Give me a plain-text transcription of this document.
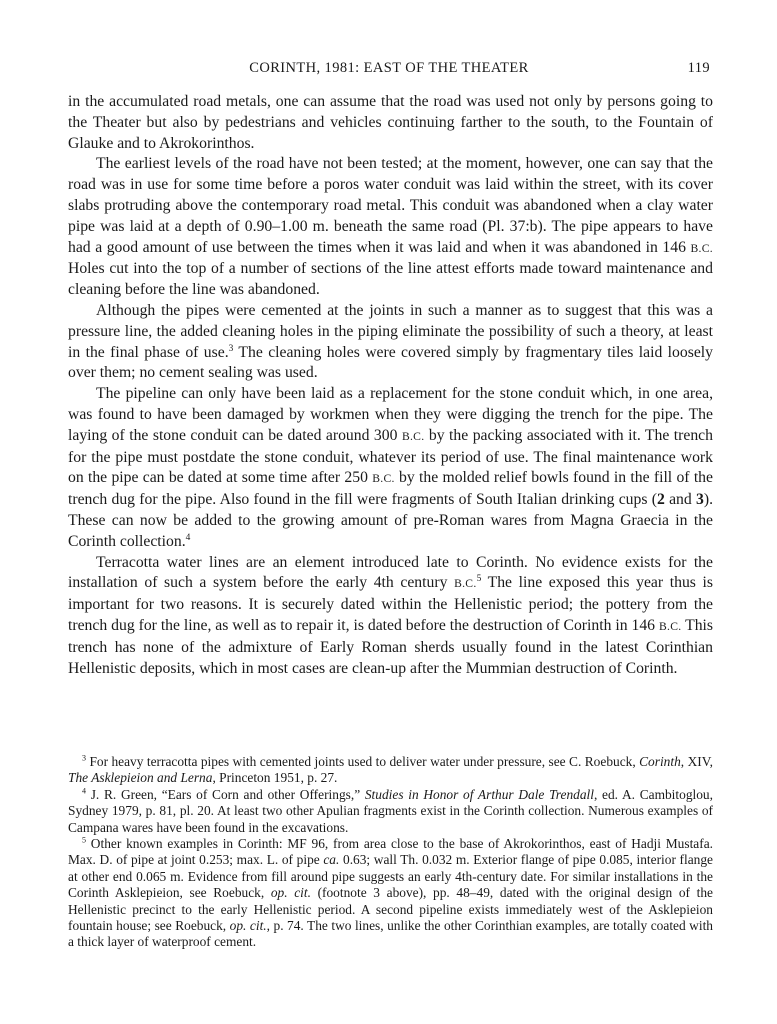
CORINTH, 1981: EAST OF THE THEATER	119

in the accumulated road metals, one can assume that the road was used not only by persons going to the Theater but also by pedestrians and vehicles continuing farther to the south, to the Fountain of Glauke and to Akrokorinthos.

The earliest levels of the road have not been tested; at the moment, however, one can say that the road was in use for some time before a poros water conduit was laid within the street, with its cover slabs protruding above the contemporary road metal. This conduit was abandoned when a clay water pipe was laid at a depth of 0.90–1.00 m. beneath the same road (Pl. 37:b). The pipe appears to have had a good amount of use between the times when it was laid and when it was abandoned in 146 B.C. Holes cut into the top of a number of sections of the line attest efforts made toward maintenance and cleaning before the line was abandoned.

Although the pipes were cemented at the joints in such a manner as to suggest that this was a pressure line, the added cleaning holes in the piping eliminate the possibility of such a theory, at least in the final phase of use.$^3$ The cleaning holes were covered simply by fragmentary tiles laid loosely over them; no cement sealing was used.

The pipeline can only have been laid as a replacement for the stone conduit which, in one area, was found to have been damaged by workmen when they were digging the trench for the pipe. The laying of the stone conduit can be dated around 300 B.C. by the packing associated with it. The trench for the pipe must postdate the stone conduit, whatever its period of use. The final maintenance work on the pipe can be dated at some time after 250 B.C. by the molded relief bowls found in the fill of the trench dug for the pipe. Also found in the fill were fragments of South Italian drinking cups (2 and 3). These can now be added to the growing amount of pre-Roman wares from Magna Graecia in the Corinth collection.$^4$

Terracotta water lines are an element introduced late to Corinth. No evidence exists for the installation of such a system before the early 4th century B.C.$^5$ The line exposed this year thus is important for two reasons. It is securely dated within the Hellenistic period; the pottery from the trench dug for the line, as well as to repair it, is dated before the destruction of Corinth in 146 B.C. This trench has none of the admixture of Early Roman sherds usually found in the latest Corinthian Hellenistic deposits, which in most cases are clean-up after the Mummian destruction of Corinth.

$^3$ For heavy terracotta pipes with cemented joints used to deliver water under pressure, see C. Roebuck, Corinth, XIV, The Asklepieion and Lerna, Princeton 1951, p. 27.

$^4$ J. R. Green, “Ears of Corn and other Offerings,” Studies in Honor of Arthur Dale Trendall, ed. A. Cambitoglou, Sydney 1979, p. 81, pl. 20. At least two other Apulian fragments exist in the Corinth collection. Numerous examples of Campana wares have been found in the excavations.

$^5$ Other known examples in Corinth: MF 96, from area close to the base of Akrokorinthos, east of Hadji Mustafa. Max. D. of pipe at joint 0.253; max. L. of pipe ca. 0.63; wall Th. 0.032 m. Exterior flange of pipe 0.085, interior flange at other end 0.065 m. Evidence from fill around pipe suggests an early 4th-century date. For similar installations in the Corinth Asklepieion, see Roebuck, op. cit. (footnote 3 above), pp. 48–49, dated with the original design of the Hellenistic precinct to the early Hellenistic period. A second pipeline exists immediately west of the Asklepieion fountain house; see Roebuck, op. cit., p. 74. The two lines, unlike the other Corinthian examples, are totally coated with a thick layer of waterproof cement.
